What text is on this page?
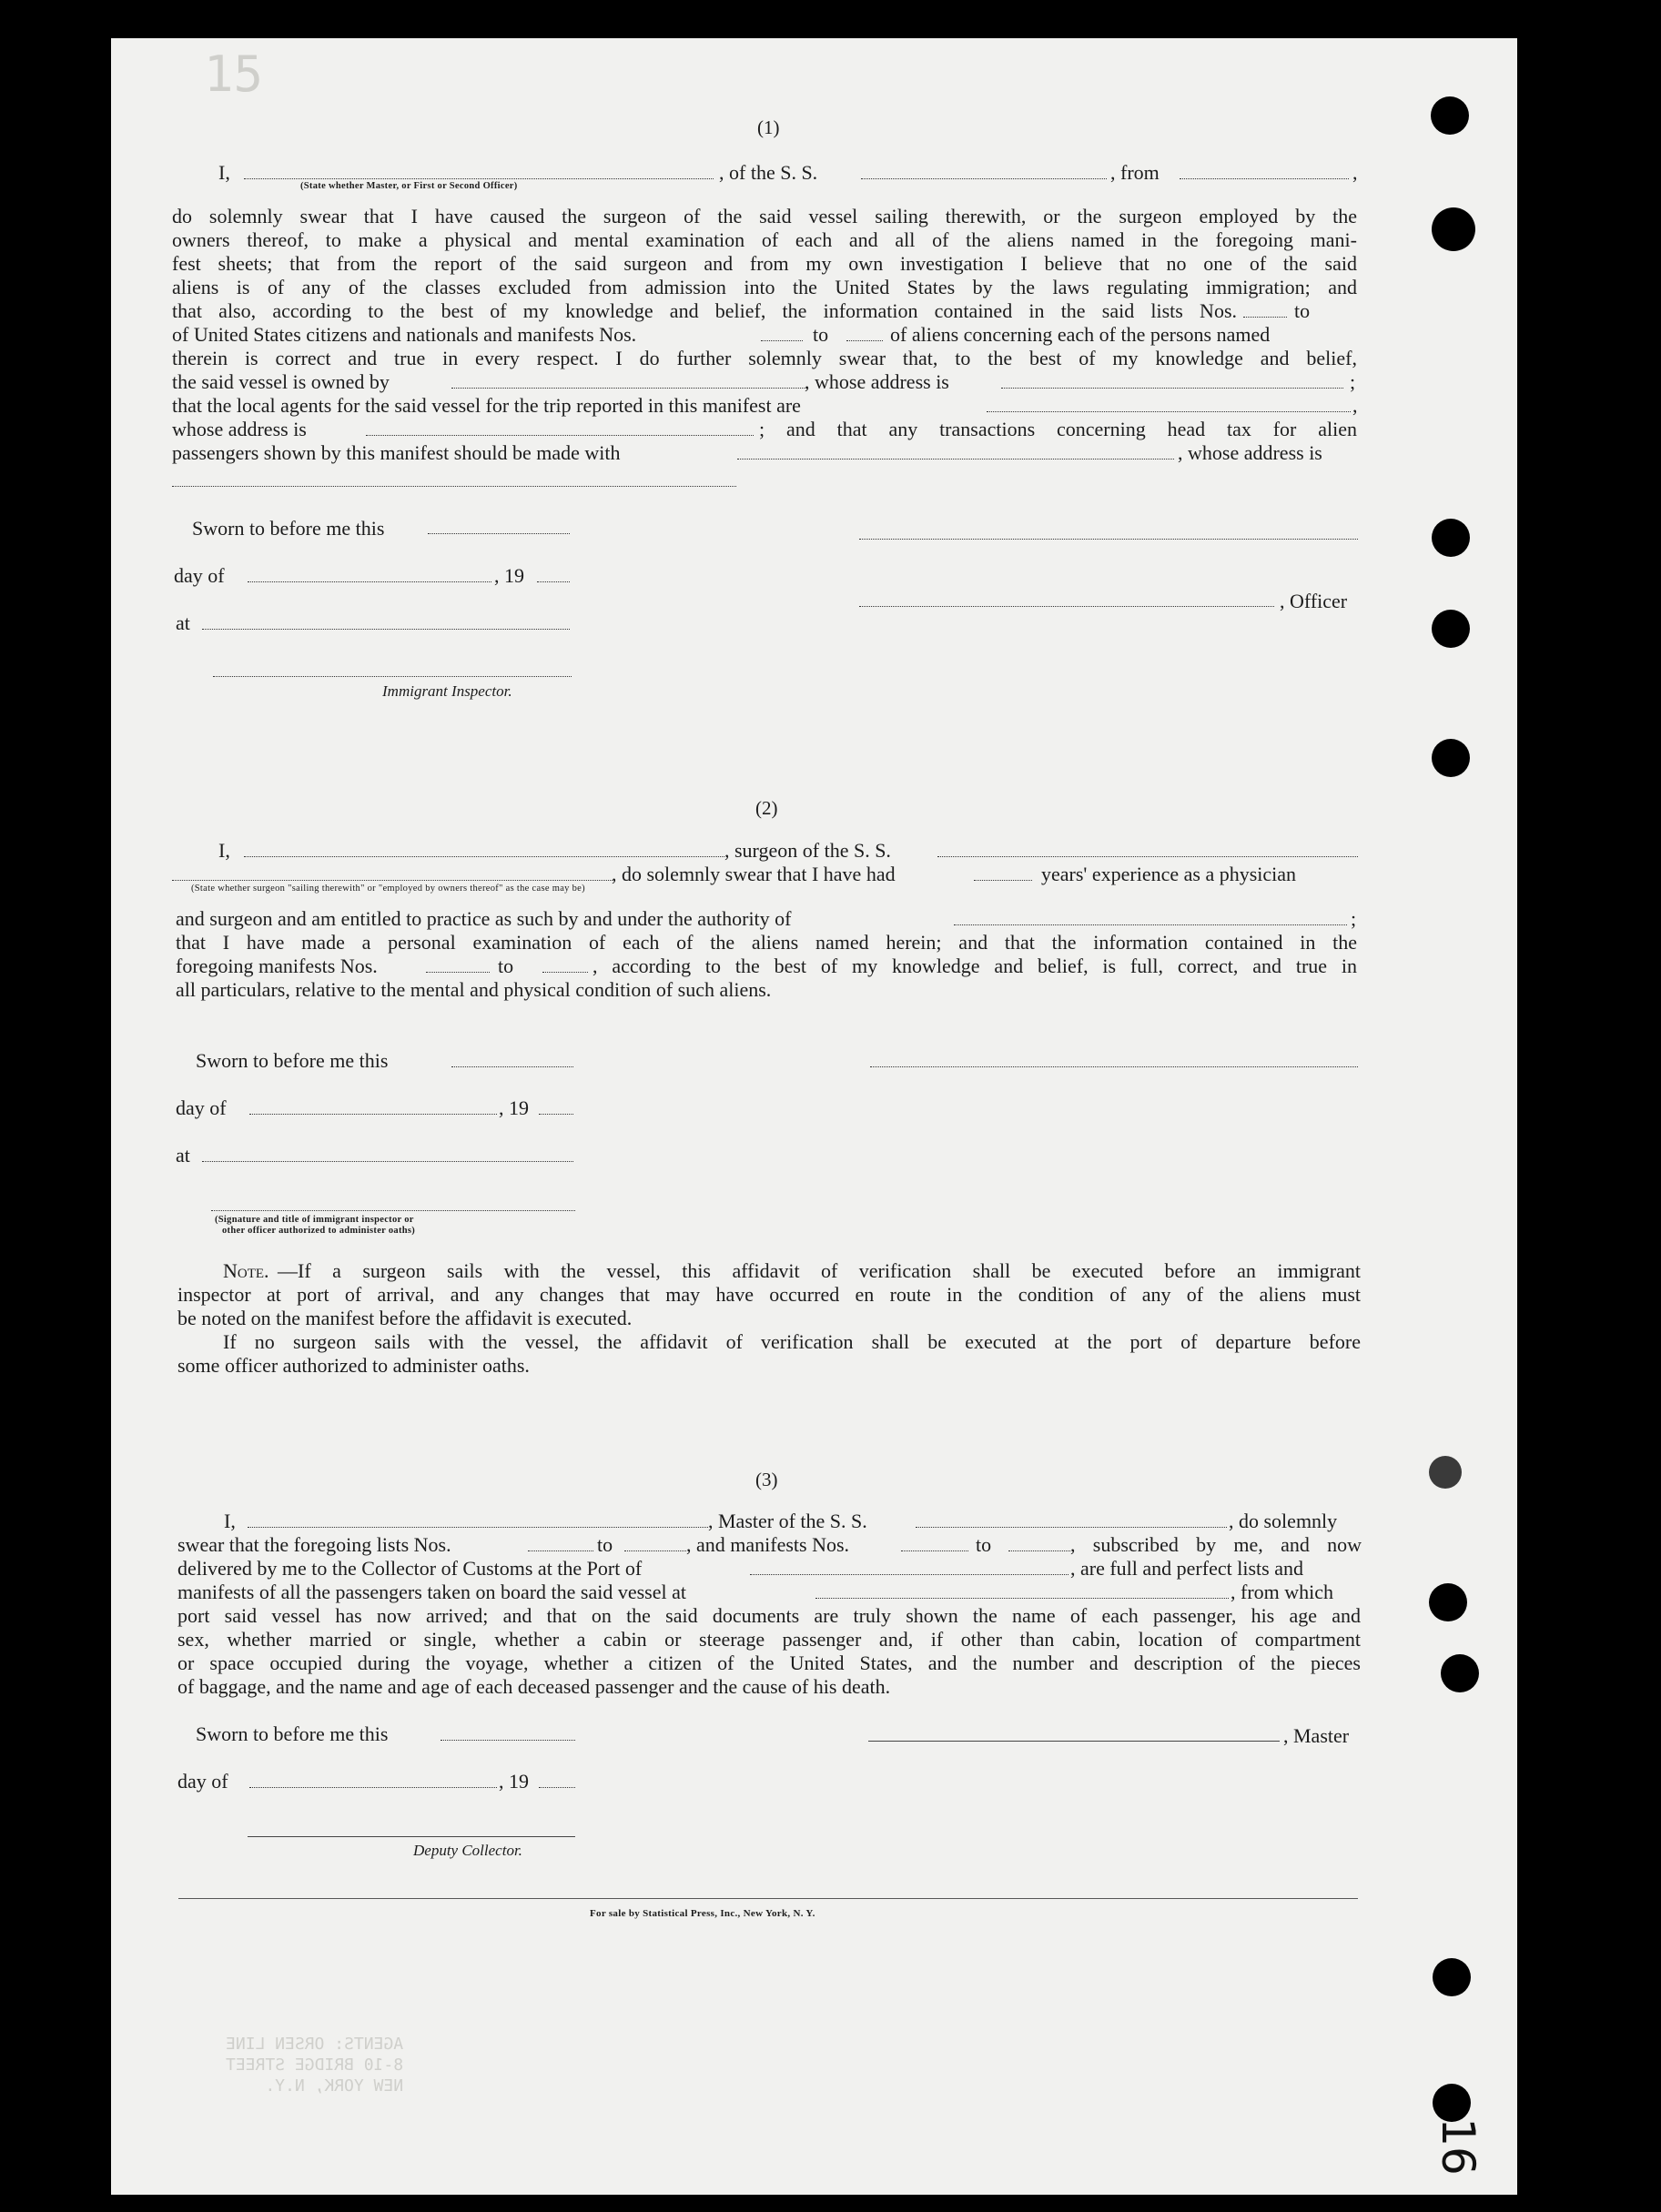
15
AGENTS: ORSEN LINE
8-10 BRIDGE STREET
NEW YORK, N.Y.
16
(1)
I,
(State whether Master, or First or Second Officer)
, of the S. S.	, from	,
do solemnly swear that I have caused the surgeon of the said vessel sailing therewith, or the surgeon employed by the
owners thereof, to make a physical and mental examination of each and all of the aliens named in the foregoing mani-
fest sheets; that from the report of the said surgeon and from my own investigation I believe that no one of the said
aliens is of any of the classes excluded from admission into the United States by the laws regulating immigration; and
that also, according to the best of my knowledge and belief, the information contained in the said lists Nos.	to
of United States citizens and nationals and manifests Nos.	to	of aliens concerning each of the persons named
therein is correct and true in every respect. I do further solemnly swear that, to the best of my knowledge and belief,
the said vessel is owned by	, whose address is	;
that the local agents for the said vessel for the trip reported in this manifest are	,
whose address is	; and that any transactions concerning head tax for alien
passengers shown by this manifest should be made with	, whose address is
Sworn to before me this
day of	, 19
, Officer
at
Immigrant Inspector.
(2)
I,	, surgeon of the S. S.
, do solemnly swear that I have had	years' experience as a physician
(State whether surgeon "sailing therewith" or "employed by owners thereof" as the case may be)
and surgeon and am entitled to practice as such by and under the authority of	;
that I have made a personal examination of each of the aliens named herein; and that the information contained in the
foregoing manifests Nos.	to	, according to the best of my knowledge and belief, is full, correct, and true in
all particulars, relative to the mental and physical condition of such aliens.
Sworn to before me this
day of	, 19
at
(Signature and title of immigrant inspector or
other officer authorized to administer oaths)
Note. —If a surgeon sails with the vessel, this affidavit of verification shall be executed before an immigrant
inspector at port of arrival, and any changes that may have occurred en route in the condition of any of the aliens must
be noted on the manifest before the affidavit is executed.
If no surgeon sails with the vessel, the affidavit of verification shall be executed at the port of departure before
some officer authorized to administer oaths.
(3)
I,	, Master of the S. S.	, do solemnly
swear that the foregoing lists Nos.	to	, and manifests Nos.	to	, subscribed by me, and now
delivered by me to the Collector of Customs at the Port of	, are full and perfect lists and
manifests of all the passengers taken on board the said vessel at	, from which
port said vessel has now arrived; and that on the said documents are truly shown the name of each passenger, his age and
sex, whether married or single, whether a cabin or steerage passenger and, if other than cabin, location of compartment
or space occupied during the voyage, whether a citizen of the United States, and the number and description of the pieces
of baggage, and the name and age of each deceased passenger and the cause of his death.
Sworn to before me this	, Master
day of	, 19
Deputy Collector.
For sale by Statistical Press, Inc., New York, N. Y.
